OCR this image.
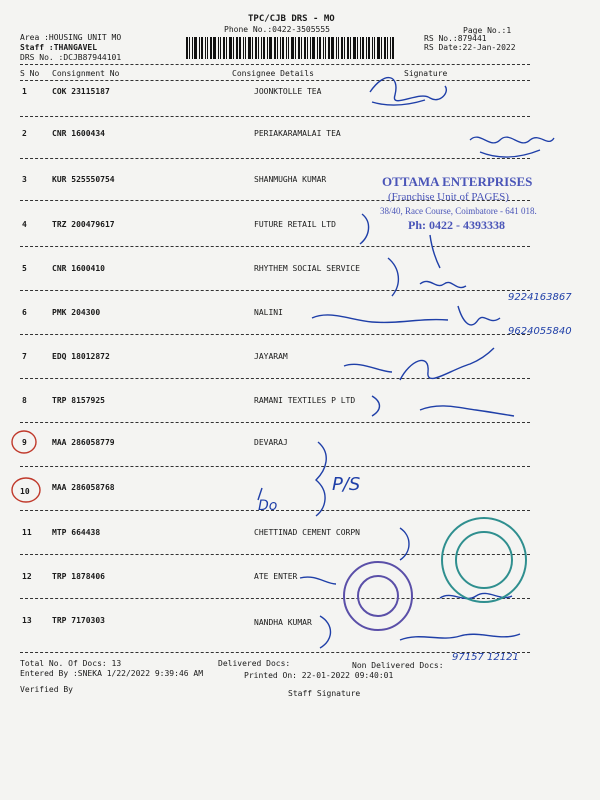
TPC/CJB DRS - MO
Phone No.:0422-3505555	Page No.:1
Area :HOUSING UNIT MO
Staff :THANGAVEL
DRS No. :DCJB87944101
RS No.:879441
RS Date:22-Jan-2022
S No Consignment No	Consignee Details	Signature
1	COK 23115187	JOONKTOLLE TEA
2	CNR 1600434	PERIAKARAMALAI TEA
3	KUR 525550754	SHANMUGHA KUMAR
4	TRZ 200479617	FUTURE RETAIL LTD
5	CNR 1600410	RHYTHEM SOCIAL SERVICE
6	PMK 204300	NALINI
7	EDQ 18012872	JAYARAM
8	TRP 8157925	RAMANI TEXTILES P LTD
9	MAA 286058779	DEVARAJ
10	MAA 286058768
11	MTP 664438	CHETTINAD CEMENT CORPN
12	TRP 1878406	ATE ENTER
13	TRP 7170303	NANDHA KUMAR
Total No. Of Docs: 13	Delivered Docs:	Non Delivered Docs:
Entered By :SNEKA 1/22/2022 9:39:46 AM	Printed On: 22-01-2022 09:40:01
Verified By	Staff Signature
OTTAMA ENTERPRISES
(Franchise Unit of PAGES)
38/40, Race Course, Coimbatore - 641 018.
Ph: 0422 - 4393338
9224163867
9624055840
P/S
Do
97157 12121
